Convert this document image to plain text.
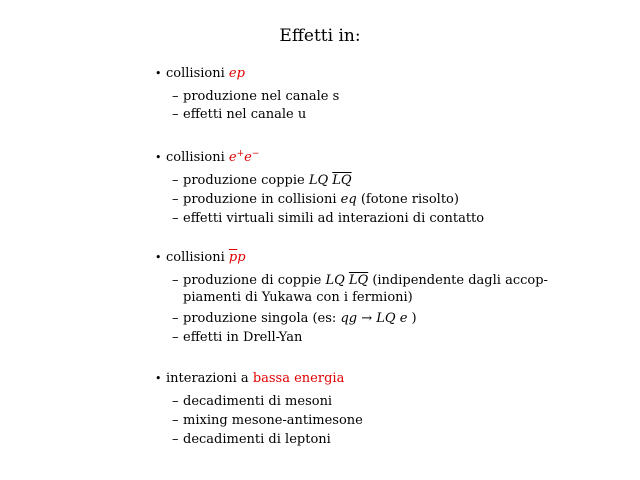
Effetti in:
• collisioni ep
– produzione nel canale s
– effetti nel canale u
• collisioni e+e−
– produzione coppie LQ $\overline{LQ}$
– produzione in collisioni eq (fotone risolto)
– effetti virtuali simili ad interazioni di contatto
• collisioni $\overline{p}p$
– produzione di coppie LQ $\overline{LQ}$ (indipendente dagli accop-
piamenti di Yukawa con i fermioni)
– produzione singola (es: qg → LQ e )
– effetti in Drell-Yan
• interazioni a bassa energia
– decadimenti di mesoni
– mixing mesone-antimesone
– decadimenti di leptoni
